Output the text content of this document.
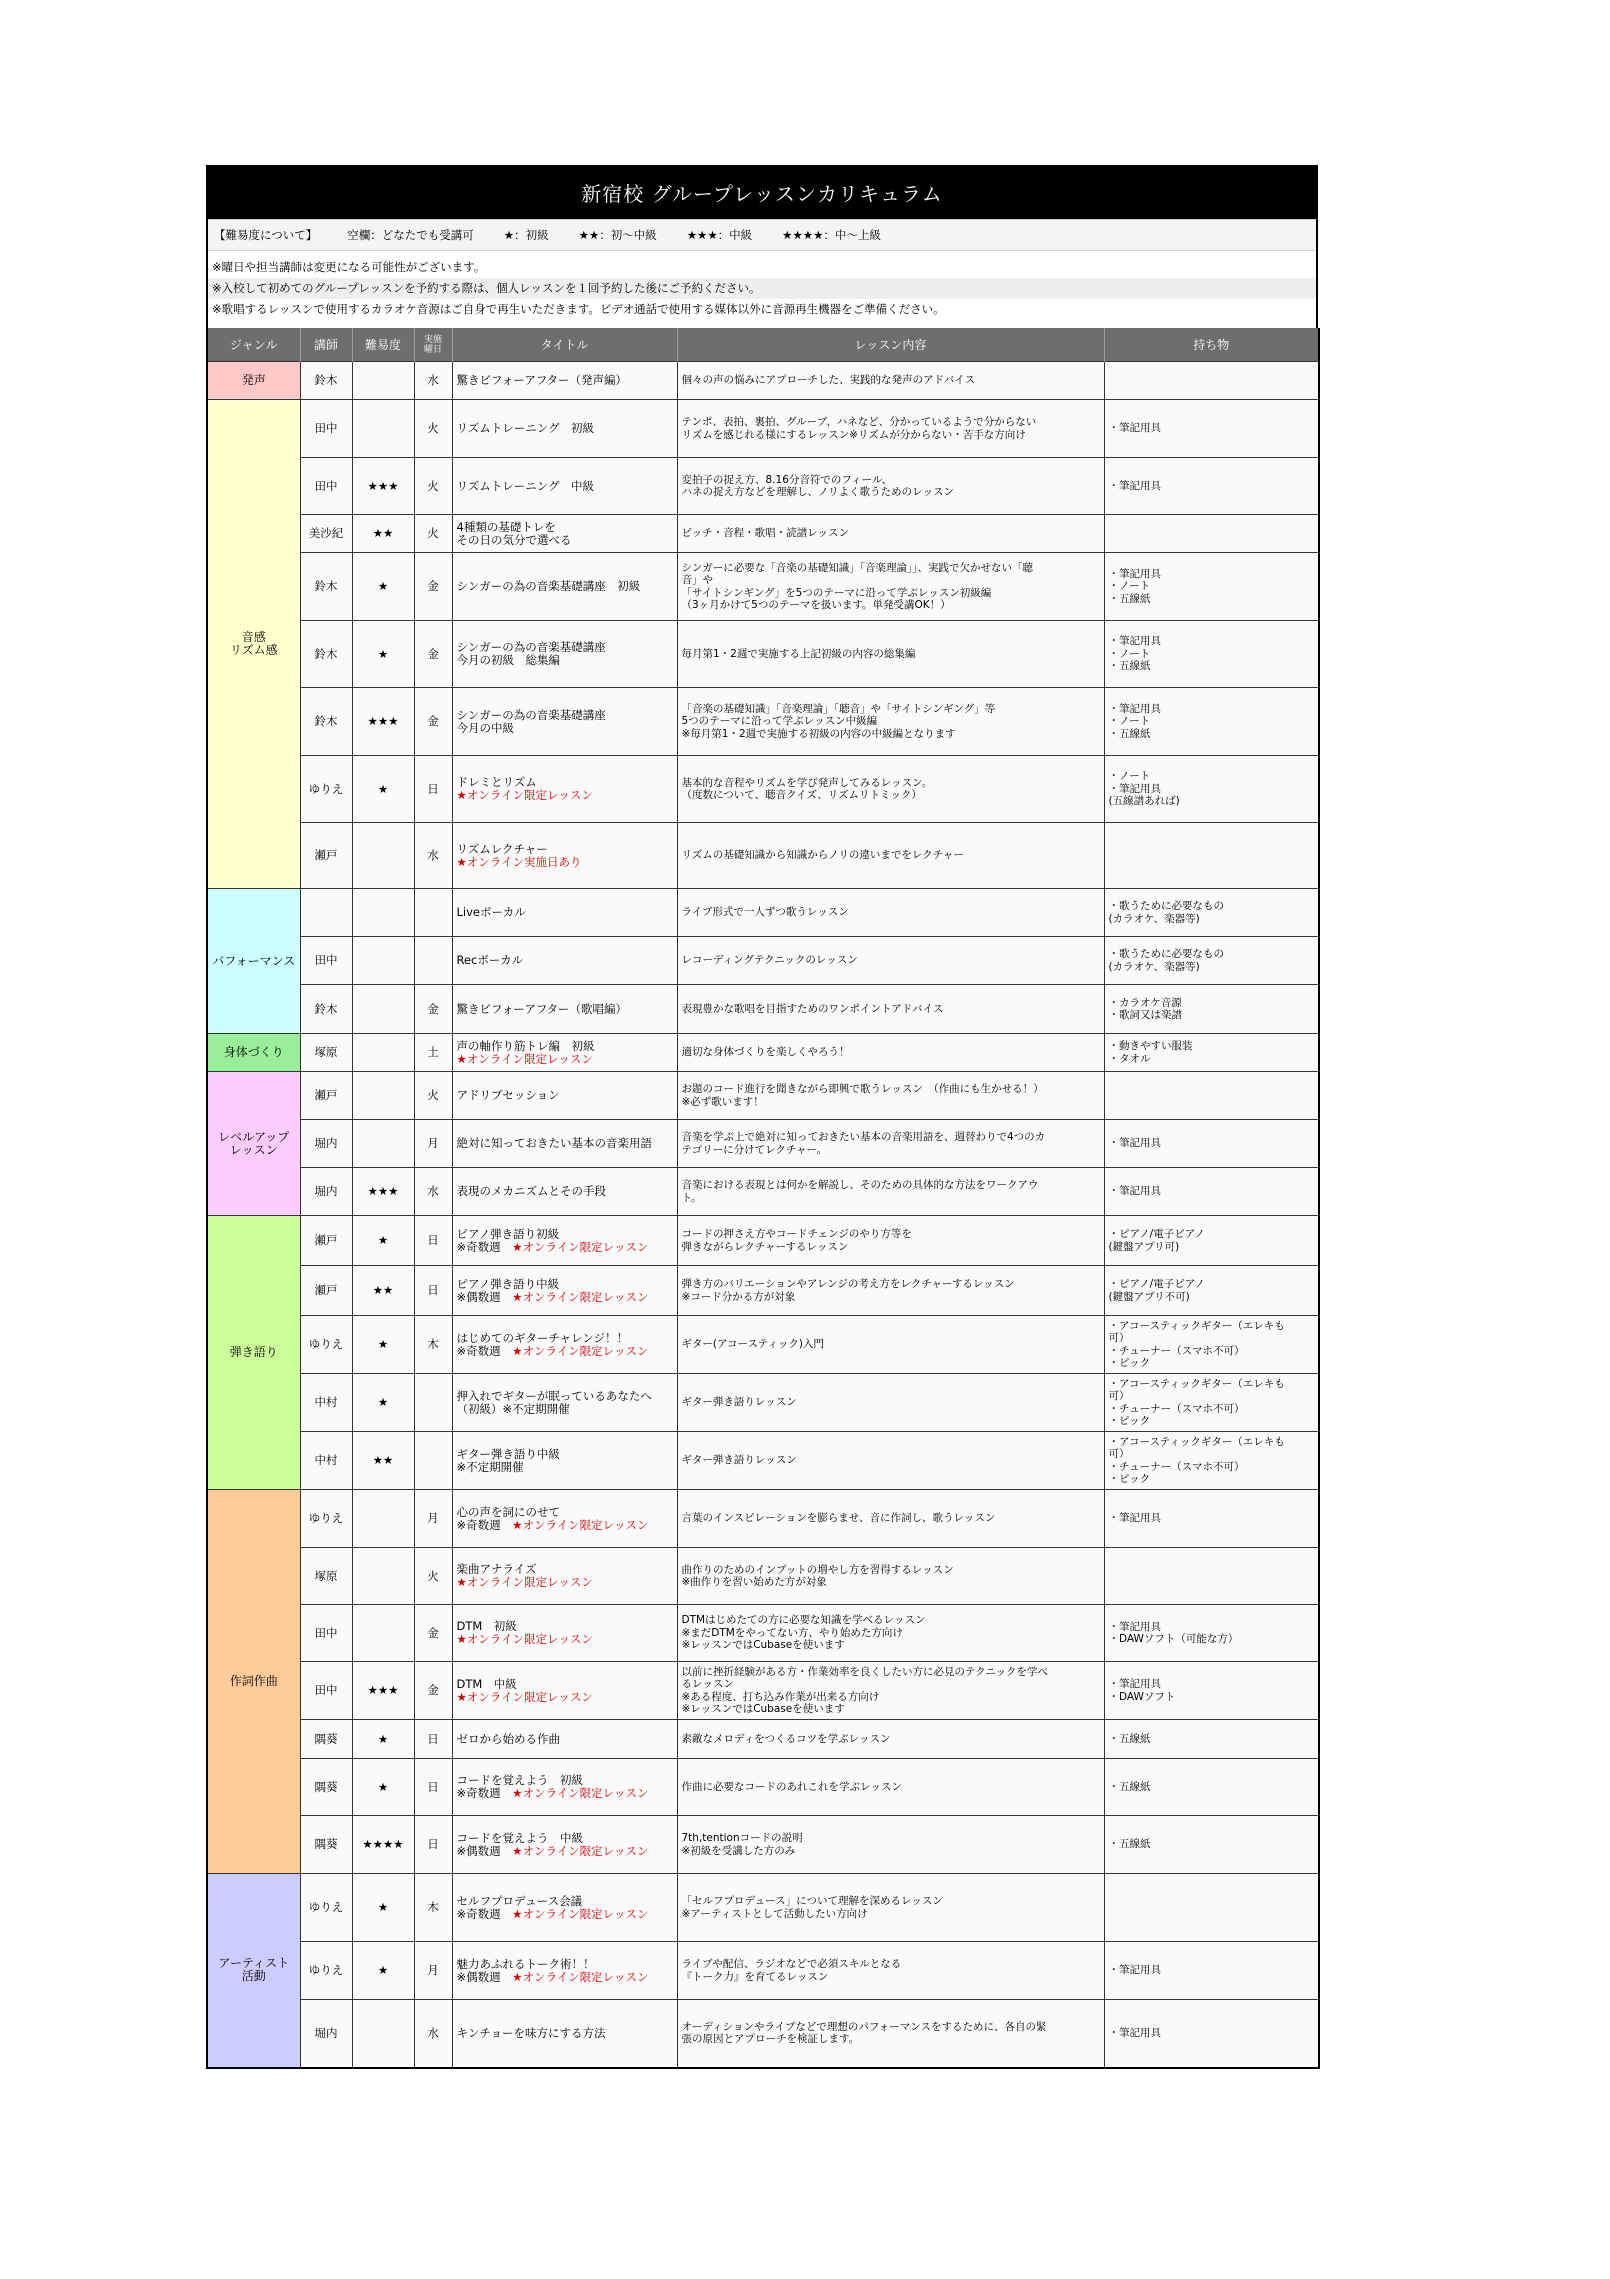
新宿校 グループレッスンカリキュラム
【難易度について】	空欄：どなたでも受講可	★：初級	★★：初～中級	★★★：中級	★★★★：中～上級
※曜日や担当講師は変更になる可能性がございます。
※入校して初めてのグループレッスンを予約する際は、個人レッスンを１回予約した後にご予約ください。
※歌唱するレッスンで使用するカラオケ音源はご自身で再生いただきます。ビデオ通話で使用する媒体以外に音源再生機器をご準備ください。
ジャンル	講師	難易度	実施
曜日	タイトル	レッスン内容	持ち物

発声	鈴木		水	驚きビフォーアフター（発声編）	個々の声の悩みにアプローチした、実践的な発声のアドバイス	

音感
リズム感	田中		火	リズムトレーニング　初級	テンポ、表拍、裏拍、グルーブ、ハネなど、分かっているようで分からない
リズムを感じれる様にするレッスン※リズムが分からない・苦手な方向け	・筆記用具

	田中	★★★	火	リズムトレーニング　中級	変拍子の捉え方、8.16分音符でのフィール、
ハネの捉え方などを理解し、ノリよく歌うためのレッスン	・筆記用具

	美沙紀	★★	火	4種類の基礎トレを
その日の気分で選べる	ピッチ・音程・歌唱・読譜レッスン	

	鈴木	★	金	シンガーの為の音楽基礎講座　初級	シンガーに必要な「音楽の基礎知識」「音楽理論」」、実践で欠かせない「聴
音」や
「サイトシンギング」を5つのテーマに沿って学ぶレッスン初級編
（3ヶ月かけて5つのテーマを扱います。単発受講OK！）	・筆記用具
・ノート
・五線紙

	鈴木	★	金	シンガーの為の音楽基礎講座
今月の初級　総集編	毎月第1・2週で実施する上記初級の内容の総集編	・筆記用具
・ノート
・五線紙

	鈴木	★★★	金	シンガーの為の音楽基礎講座
今月の中級	「音楽の基礎知識」「音楽理論」「聴音」や「サイトシンギング」等
5つのテーマに沿って学ぶレッスン中級編
※毎月第1・2週で実施する初級の内容の中級編となります	・筆記用具
・ノート
・五線紙

	ゆりえ	★	日	ドレミとリズム
★オンライン限定レッスン	基本的な音程やリズムを学び発声してみるレッスン。
（度数について、聴音クイズ、リズムリトミック）	・ノート
・筆記用具
(五線譜あれば)

	瀬戸		水	リズムレクチャー
★オンライン実施日あり	リズムの基礎知識から知識からノリの違いまでをレクチャー	

パフォーマンス				Liveボーカル	ライブ形式で一人ずつ歌うレッスン	・歌うために必要なもの
(カラオケ、楽器等)

	田中			Recボーカル	レコーディングテクニックのレッスン	・歌うために必要なもの
(カラオケ、楽器等)

	鈴木		金	驚きビフォーアフター（歌唱編）	表現豊かな歌唱を目指すためのワンポイントアドバイス	・カラオケ音源
・歌詞又は楽譜

身体づくり	塚原		土	声の軸作り筋トレ編　初級
★オンライン限定レッスン	適切な身体づくりを楽しくやろう！	・動きやすい服装
・タオル

レベルアップ
レッスン	瀬戸		火	アドリブセッション	お題のコード進行を聞きながら即興で歌うレッスン　（作曲にも生かせる！）
※必ず歌います！	

	堀内		月	絶対に知っておきたい基本の音楽用語	音楽を学ぶ上で絶対に知っておきたい基本の音楽用語を、週替わりで4つのカ
テゴリーに分けてレクチャー。	・筆記用具

	堀内	★★★	水	表現のメカニズムとその手段	音楽における表現とは何かを解説し、そのための具体的な方法をワークアウ
ト。	・筆記用具

弾き語り	瀬戸	★	日	ピアノ弾き語り初級
※奇数週　★オンライン限定レッスン	コードの押さえ方やコードチェンジのやり方等を
弾きながらレクチャーするレッスン	・ピアノ/電子ピアノ
(鍵盤アプリ可)

	瀬戸	★★	日	ピアノ弾き語り中級
※偶数週　★オンライン限定レッスン	弾き方のバリエーションやアレンジの考え方をレクチャーするレッスン
※コード分かる方が対象	・ピアノ/電子ピアノ
(鍵盤アプリ不可)

	ゆりえ	★	木	はじめてのギターチャレンジ！！
※奇数週　★オンライン限定レッスン	ギター(アコースティック)入門	・アコースティックギター（エレキも
可）
・チューナー（スマホ不可）
・ピック

	中村	★		押入れでギターが眠っているあなたへ
（初級）※不定期開催	ギター弾き語りレッスン	・アコースティックギター（エレキも
可）
・チューナー（スマホ不可）
・ピック

	中村	★★		ギター弾き語り中級
※不定期開催	ギター弾き語りレッスン	・アコースティックギター（エレキも
可）
・チューナー（スマホ不可）
・ピック

作詞作曲	ゆりえ		月	心の声を詞にのせて
※奇数週　★オンライン限定レッスン	言葉のインスピレーションを膨らませ、音に作詞し、歌うレッスン	・筆記用具

	塚原		火	楽曲アナライズ
★オンライン限定レッスン	曲作りのためのインプットの増やし方を習得するレッスン
※曲作りを習い始めた方が対象	

	田中		金	DTM　初級
★オンライン限定レッスン	DTMはじめたての方に必要な知識を学べるレッスン
※まだDTMをやってない方、やり始めた方向け
※レッスンではCubaseを使います	・筆記用具
・DAWソフト（可能な方）

	田中	★★★	金	DTM　中級
★オンライン限定レッスン	以前に挫折経験がある方・作業効率を良くしたい方に必見のテクニックを学べ
るレッスン
※ある程度、打ち込み作業が出来る方向け
※レッスンではCubaseを使います	・筆記用具
・DAWソフト

	隅葵	★	日	ゼロから始める作曲	素敵なメロディをつくるコツを学ぶレッスン	・五線紙

	隅葵	★	日	コードを覚えよう　初級
※奇数週　★オンライン限定レッスン	作曲に必要なコードのあれこれを学ぶレッスン	・五線紙

	隅葵	★★★★	日	コードを覚えよう　中級
※偶数週　★オンライン限定レッスン	7th,tentionコードの説明
※初級を受講した方のみ	・五線紙

アーティスト
活動	ゆりえ	★	木	セルフプロデュース会議
※奇数週　★オンライン限定レッスン	「セルフプロデュース」について理解を深めるレッスン
※アーティストとして活動したい方向け	

	ゆりえ	★	月	魅力あふれるトーク術！！
※偶数週　★オンライン限定レッスン	ライブや配信、ラジオなどで必須スキルとなる
『トーク力』を育てるレッスン	・筆記用具

	堀内		水	キンチョーを味方にする方法	オーディションやライブなどで理想のパフォーマンスをするために、各自の緊
張の原因とアプローチを検証します。	・筆記用具
